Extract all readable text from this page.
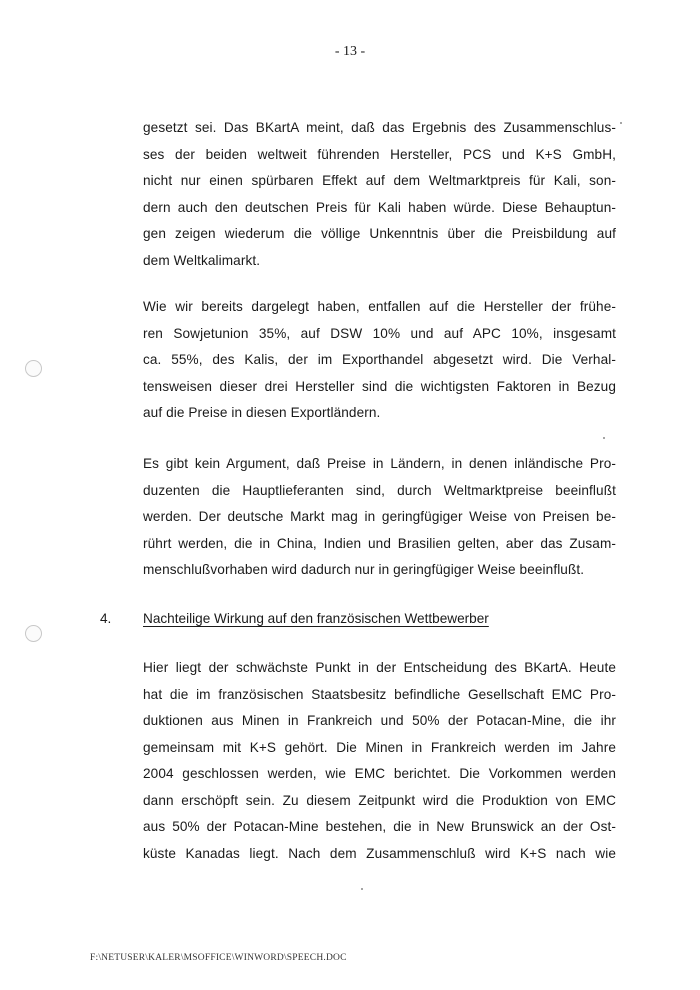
- 13 -
gesetzt sei. Das BKartA meint, daß das Ergebnis des Zusammenschlus-
ses der beiden weltweit führenden Hersteller, PCS und K+S GmbH,
nicht nur einen spürbaren Effekt auf dem Weltmarktpreis für Kali, son-
dern auch den deutschen Preis für Kali haben würde. Diese Behauptun-
gen zeigen wiederum die völlige Unkenntnis über die Preisbildung auf
dem Weltkalimarkt.
Wie wir bereits dargelegt haben, entfallen auf die Hersteller der frühe-
ren Sowjetunion 35%, auf DSW 10% und auf APC 10%, insgesamt
ca. 55%, des Kalis, der im Exporthandel abgesetzt wird. Die Verhal-
tensweisen dieser drei Hersteller sind die wichtigsten Faktoren in Bezug
auf die Preise in diesen Exportländern.
Es gibt kein Argument, daß Preise in Ländern, in denen inländische Pro-
duzenten die Hauptlieferanten sind, durch Weltmarktpreise beeinflußt
werden. Der deutsche Markt mag in geringfügiger Weise von Preisen be-
rührt werden, die in China, Indien und Brasilien gelten, aber das Zusam-
menschlußvorhaben wird dadurch nur in geringfügiger Weise beeinflußt.
4. Nachteilige Wirkung auf den französischen Wettbewerber
Hier liegt der schwächste Punkt in der Entscheidung des BKartA. Heute
hat die im französischen Staatsbesitz befindliche Gesellschaft EMC Pro-
duktionen aus Minen in Frankreich und 50% der Potacan-Mine, die ihr
gemeinsam mit K+S gehört. Die Minen in Frankreich werden im Jahre
2004 geschlossen werden, wie EMC berichtet. Die Vorkommen werden
dann erschöpft sein. Zu diesem Zeitpunkt wird die Produktion von EMC
aus 50% der Potacan-Mine bestehen, die in New Brunswick an der Ost-
küste Kanadas liegt. Nach dem Zusammenschluß wird K+S nach wie
F:\NETUSER\KALER\MSOFFICE\WINWORD\SPEECH.DOC
